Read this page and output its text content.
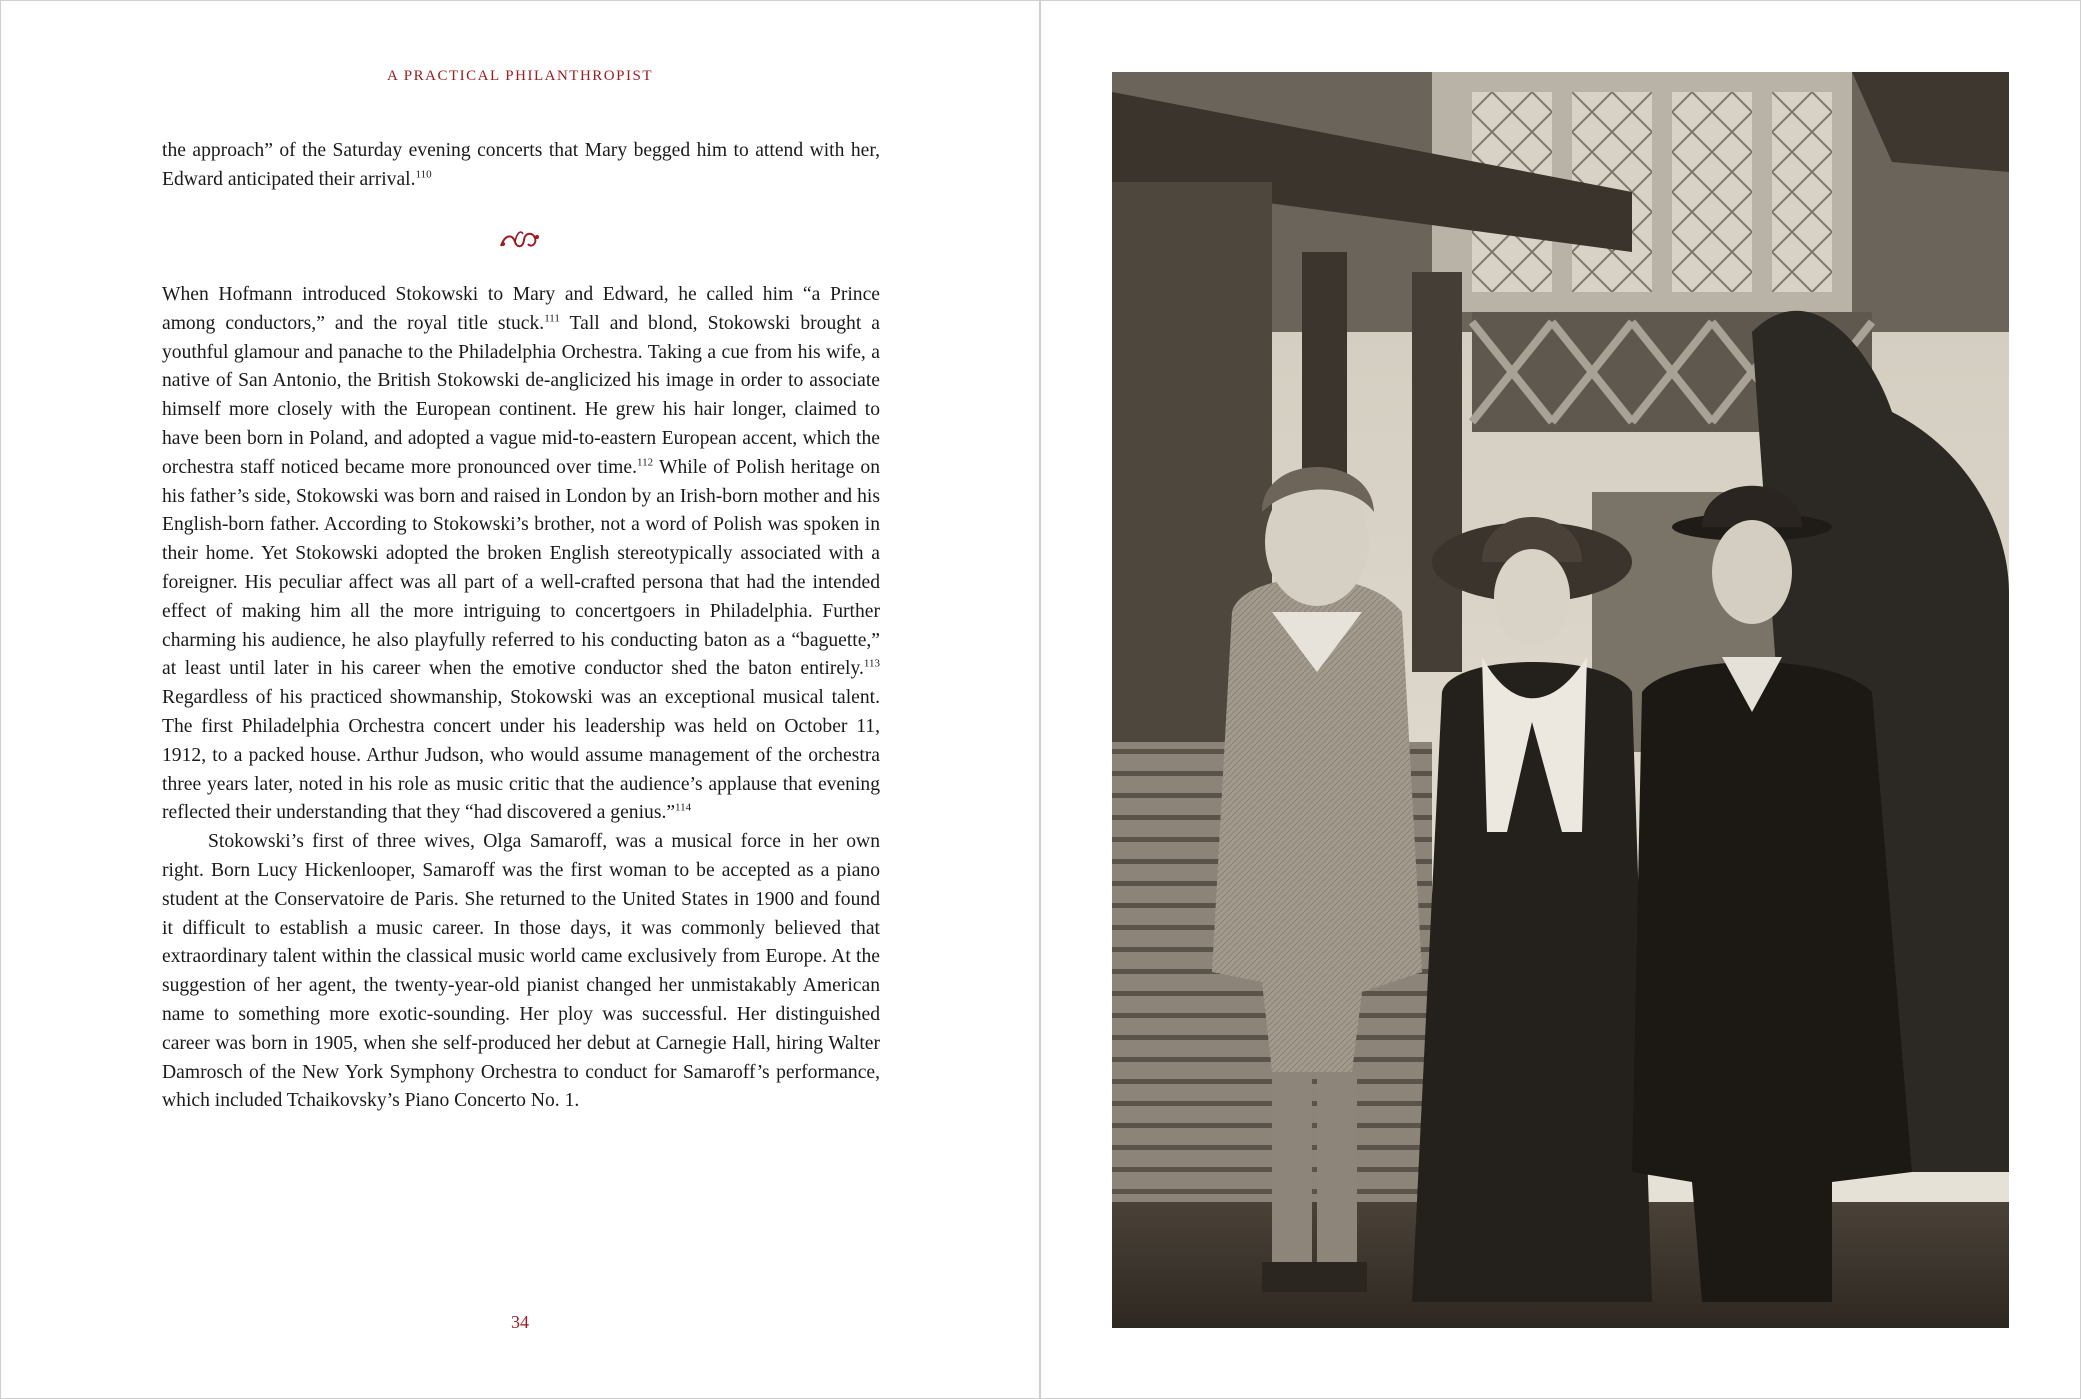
A PRACTICAL PHILANTHROPIST

the approach” of the Saturday evening concerts that Mary begged him to attend with her, Edward anticipated their arrival.$^{110}$

When Hofmann introduced Stokowski to Mary and Edward, he called him “a Prince among conductors,” and the royal title stuck.$^{111}$ Tall and blond, Stokowski brought a youthful glamour and panache to the Philadelphia Orchestra. Taking a cue from his wife, a native of San Antonio, the British Stokowski de-anglicized his image in order to associate himself more closely with the European continent. He grew his hair longer, claimed to have been born in Poland, and adopted a vague mid-to-eastern European accent, which the orchestra staff noticed became more pronounced over time.$^{112}$ While of Polish heritage on his father’s side, Stokowski was born and raised in London by an Irish-born mother and his English-born father. According to Stokowski’s brother, not a word of Polish was spoken in their home. Yet Stokowski adopted the broken English stereotypically associated with a foreigner. His peculiar affect was all part of a well-crafted persona that had the intended effect of making him all the more intriguing to concertgoers in Philadelphia. Further charming his audience, he also playfully referred to his conducting baton as a “baguette,” at least until later in his career when the emotive conductor shed the baton entirely.$^{113}$ Regardless of his practiced showmanship, Stokowski was an exceptional musical talent. The first Philadelphia Orchestra concert under his leadership was held on October 11, 1912, to a packed house. Arthur Judson, who would assume management of the orchestra three years later, noted in his role as music critic that the audience’s applause that evening reflected their understanding that they “had discovered a genius.”$^{114}$

Stokowski’s first of three wives, Olga Samaroff, was a musical force in her own right. Born Lucy Hickenlooper, Samaroff was the first woman to be accepted as a piano student at the Conservatoire de Paris. She returned to the United States in 1900 and found it difficult to establish a music career. In those days, it was commonly believed that extraordinary talent within the classical music world came exclusively from Europe. At the suggestion of her agent, the twenty-year-old pianist changed her unmistakably American name to something more exotic-sounding. Her ploy was successful. Her distinguished career was born in 1905, when she self-produced her debut at Carnegie Hall, hiring Walter Damrosch of the New York Symphony Orchestra to conduct for Samaroff’s performance, which included Tchaikovsky’s Piano Concerto No. 1.

34
